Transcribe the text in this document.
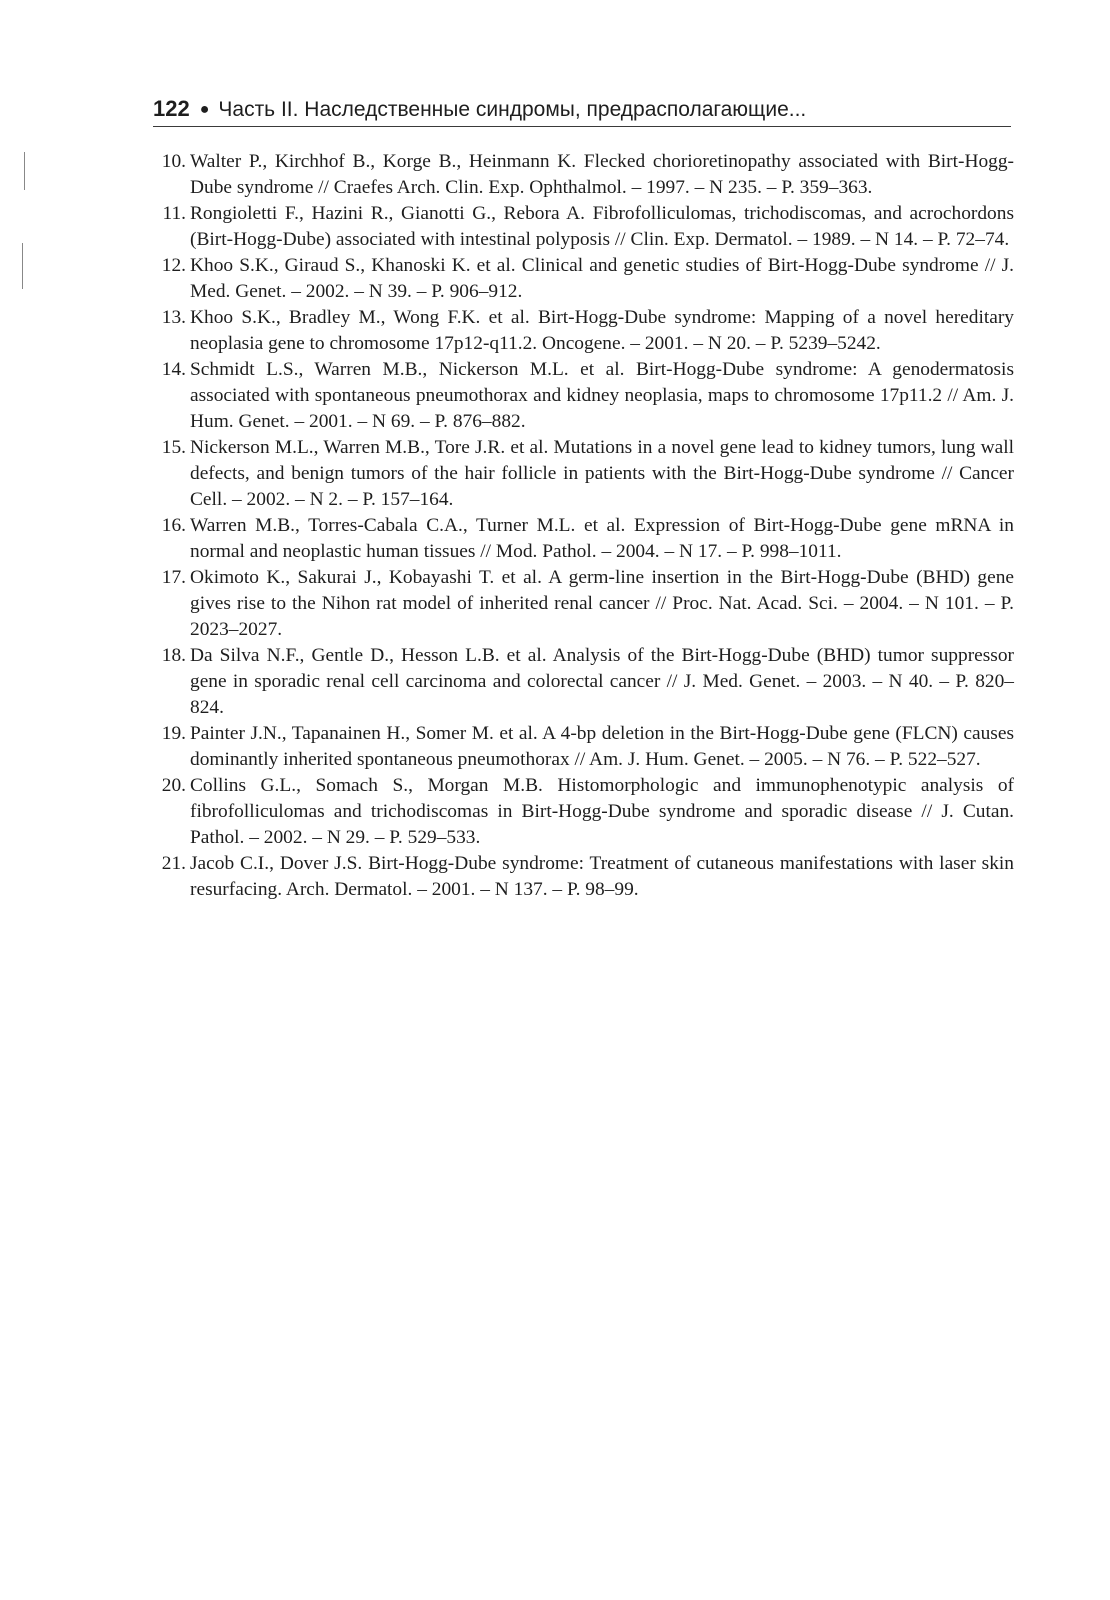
122 ● Часть II. Наследственные синдромы, предрасполагающие...
10. Walter P., Kirchhof B., Korge B., Heinmann K. Flecked chorioretinopathy associated with Birt-Hogg-Dube syndrome // Craefes Arch. Clin. Exp. Ophthalmol. – 1997. – N 235. – P. 359–363.
11. Rongioletti F., Hazini R., Gianotti G., Rebora A. Fibrofolliculomas, trichodiscomas, and acrochordons (Birt-Hogg-Dube) associated with intestinal polyposis // Clin. Exp. Dermatol. – 1989. – N 14. – P. 72–74.
12. Khoo S.K., Giraud S., Khanoski K. et al. Clinical and genetic studies of Birt-Hogg-Dube syndrome // J. Med. Genet. – 2002. – N 39. – P. 906–912.
13. Khoo S.K., Bradley M., Wong F.K. et al. Birt-Hogg-Dube syndrome: Mapping of a novel hereditary neoplasia gene to chromosome 17p12-q11.2. Oncogene. – 2001. – N 20. – P. 5239–5242.
14. Schmidt L.S., Warren M.B., Nickerson M.L. et al. Birt-Hogg-Dube syndrome: A genodermatosis associated with spontaneous pneumothorax and kidney neoplasia, maps to chromosome 17p11.2 // Am. J. Hum. Genet. – 2001. – N 69. – P. 876–882.
15. Nickerson M.L., Warren M.B., Tore J.R. et al. Mutations in a novel gene lead to kidney tumors, lung wall defects, and benign tumors of the hair follicle in patients with the Birt-Hogg-Dube syndrome // Cancer Cell. – 2002. – N 2. – P. 157–164.
16. Warren M.B., Torres-Cabala C.A., Turner M.L. et al. Expression of Birt-Hogg-Dube gene mRNA in normal and neoplastic human tissues // Mod. Pathol. – 2004. – N 17. – P. 998–1011.
17. Okimoto K., Sakurai J., Kobayashi T. et al. A germ-line insertion in the Birt-Hogg-Dube (BHD) gene gives rise to the Nihon rat model of inherited renal cancer // Proc. Nat. Acad. Sci. – 2004. – N 101. – P. 2023–2027.
18. Da Silva N.F., Gentle D., Hesson L.B. et al. Analysis of the Birt-Hogg-Dube (BHD) tumor suppressor gene in sporadic renal cell carcinoma and colorectal cancer // J. Med. Genet. – 2003. – N 40. – P. 820–824.
19. Painter J.N., Tapanainen H., Somer M. et al. A 4-bp deletion in the Birt-Hogg-Dube gene (FLCN) causes dominantly inherited spontaneous pneumothorax // Am. J. Hum. Genet. – 2005. – N 76. – P. 522–527.
20. Collins G.L., Somach S., Morgan M.B. Histomorphologic and immunophenotypic analysis of fibrofolliculomas and trichodiscomas in Birt-Hogg-Dube syndrome and sporadic disease // J. Cutan. Pathol. – 2002. – N 29. – P. 529–533.
21. Jacob C.I., Dover J.S. Birt-Hogg-Dube syndrome: Treatment of cutaneous manifestations with laser skin resurfacing. Arch. Dermatol. – 2001. – N 137. – P. 98–99.
